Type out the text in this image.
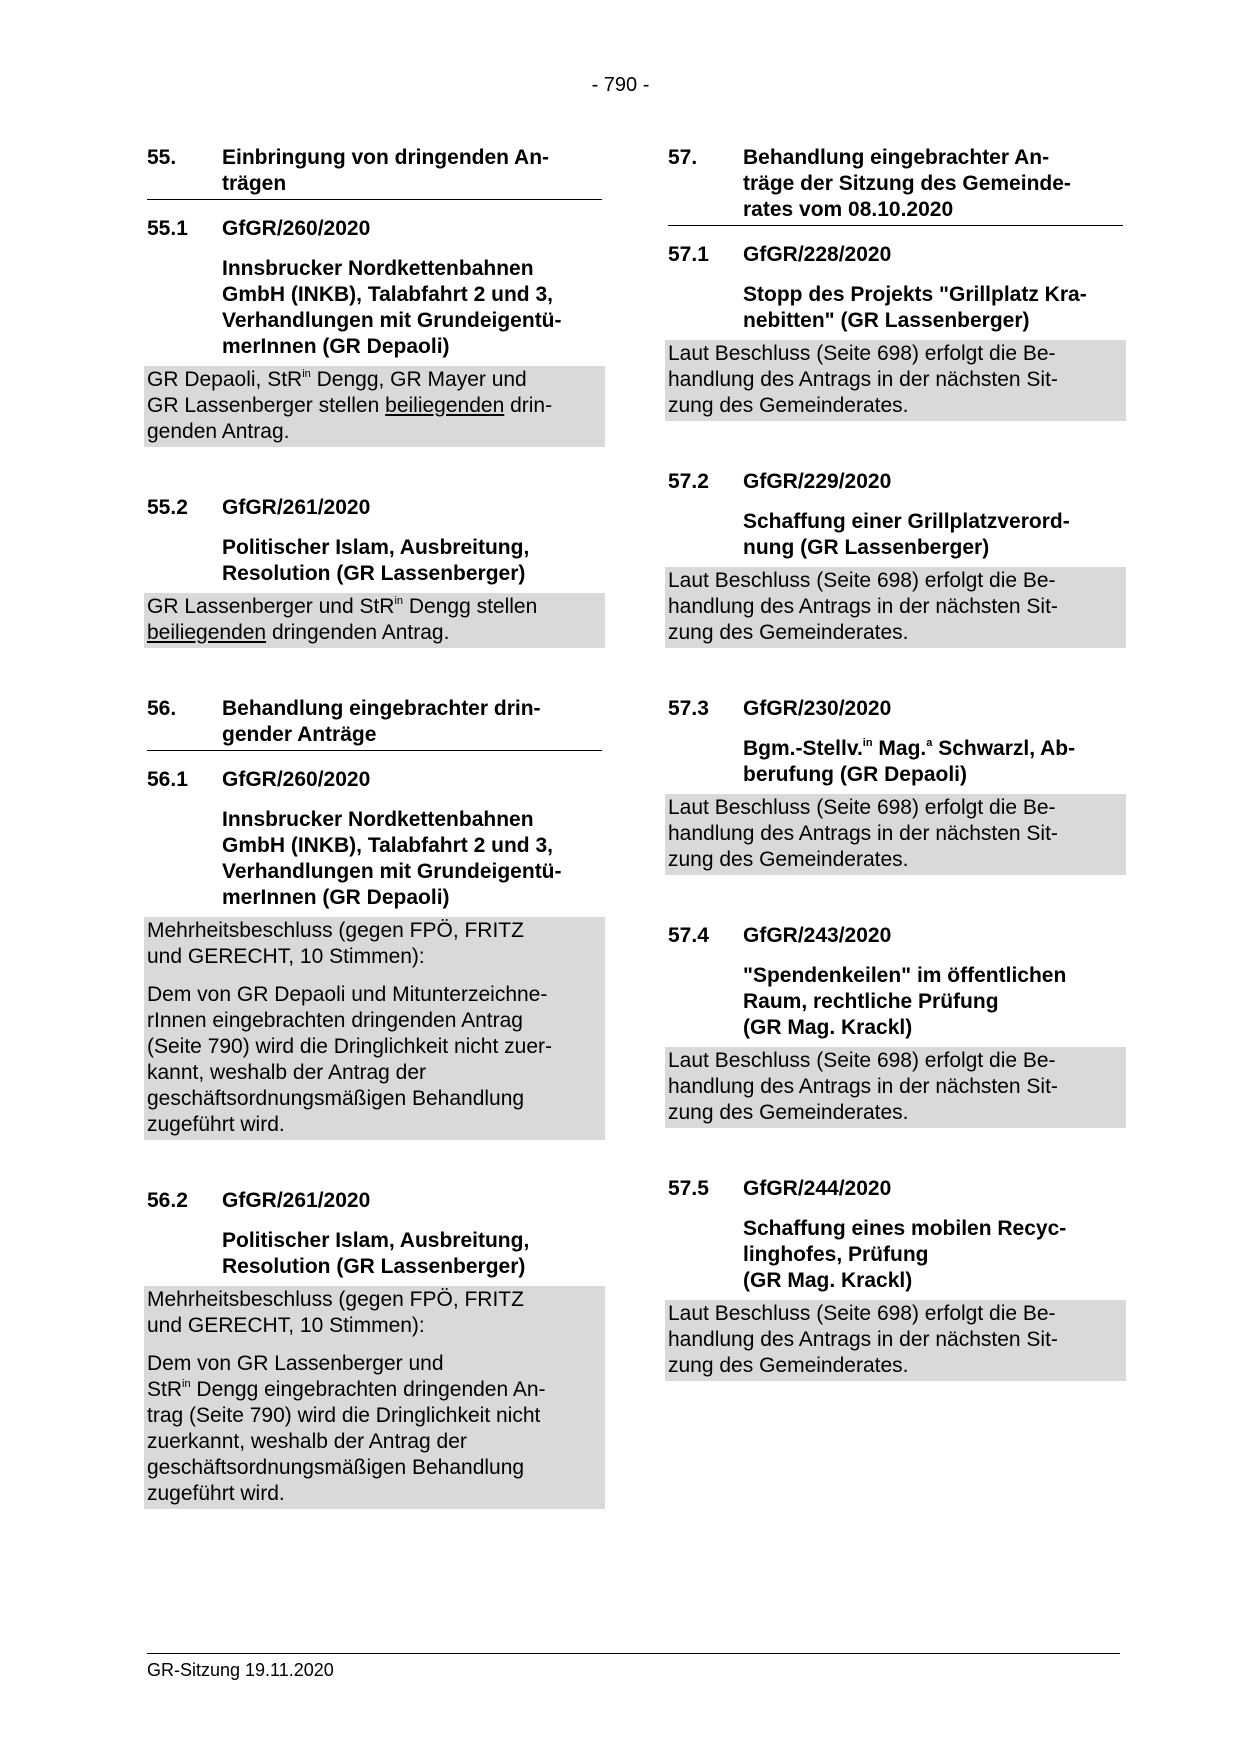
- 790 -
55.	Einbringung von dringenden An-
trägen
55.1	GfGR/260/2020
Innsbrucker Nordkettenbahnen
GmbH (INKB), Talabfahrt 2 und 3,
Verhandlungen mit Grundeigentü-
merInnen (GR Depaoli)

GR Depaoli, StR$^{in}$ Dengg, GR Mayer und
GR Lassenberger stellen beiliegenden drin-
genden Antrag.

55.2	GfGR/261/2020
Politischer Islam, Ausbreitung,
Resolution (GR Lassenberger)

GR Lassenberger und StR$^{in}$ Dengg stellen
beiliegenden dringenden Antrag.

56.	Behandlung eingebrachter drin-
gender Anträge
56.1	GfGR/260/2020
Innsbrucker Nordkettenbahnen
GmbH (INKB), Talabfahrt 2 und 3,
Verhandlungen mit Grundeigentü-
merInnen (GR Depaoli)

Mehrheitsbeschluss (gegen FPÖ, FRITZ
und GERECHT, 10 Stimmen):

Dem von GR Depaoli und Mitunterzeichne-
rInnen eingebrachten dringenden Antrag
(Seite 790) wird die Dringlichkeit nicht zuer-
kannt, weshalb der Antrag der
geschäftsordnungsmäßigen Behandlung
zugeführt wird.

56.2	GfGR/261/2020
Politischer Islam, Ausbreitung,
Resolution (GR Lassenberger)

Mehrheitsbeschluss (gegen FPÖ, FRITZ
und GERECHT, 10 Stimmen):

Dem von GR Lassenberger und
StR$^{in}$ Dengg eingebrachten dringenden An-
trag (Seite 790) wird die Dringlichkeit nicht
zuerkannt, weshalb der Antrag der
geschäftsordnungsmäßigen Behandlung
zugeführt wird.

57.	Behandlung eingebrachter An-
träge der Sitzung des Gemeinde-
rates vom 08.10.2020
57.1	GfGR/228/2020
Stopp des Projekts "Grillplatz Kra-
nebitten" (GR Lassenberger)

Laut Beschluss (Seite 698) erfolgt die Be-
handlung des Antrags in der nächsten Sit-
zung des Gemeinderates.

57.2	GfGR/229/2020
Schaffung einer Grillplatzverord-
nung (GR Lassenberger)

Laut Beschluss (Seite 698) erfolgt die Be-
handlung des Antrags in der nächsten Sit-
zung des Gemeinderates.

57.3	GfGR/230/2020
Bgm.-Stellv.$^{in}$ Mag.$^a$ Schwarzl, Ab-
berufung (GR Depaoli)

Laut Beschluss (Seite 698) erfolgt die Be-
handlung des Antrags in der nächsten Sit-
zung des Gemeinderates.

57.4	GfGR/243/2020
"Spendenkeilen" im öffentlichen
Raum, rechtliche Prüfung
(GR Mag. Krackl)

Laut Beschluss (Seite 698) erfolgt die Be-
handlung des Antrags in der nächsten Sit-
zung des Gemeinderates.

57.5	GfGR/244/2020
Schaffung eines mobilen Recyc-
linghofes, Prüfung
(GR Mag. Krackl)

Laut Beschluss (Seite 698) erfolgt die Be-
handlung des Antrags in der nächsten Sit-
zung des Gemeinderates.

GR-Sitzung 19.11.2020
